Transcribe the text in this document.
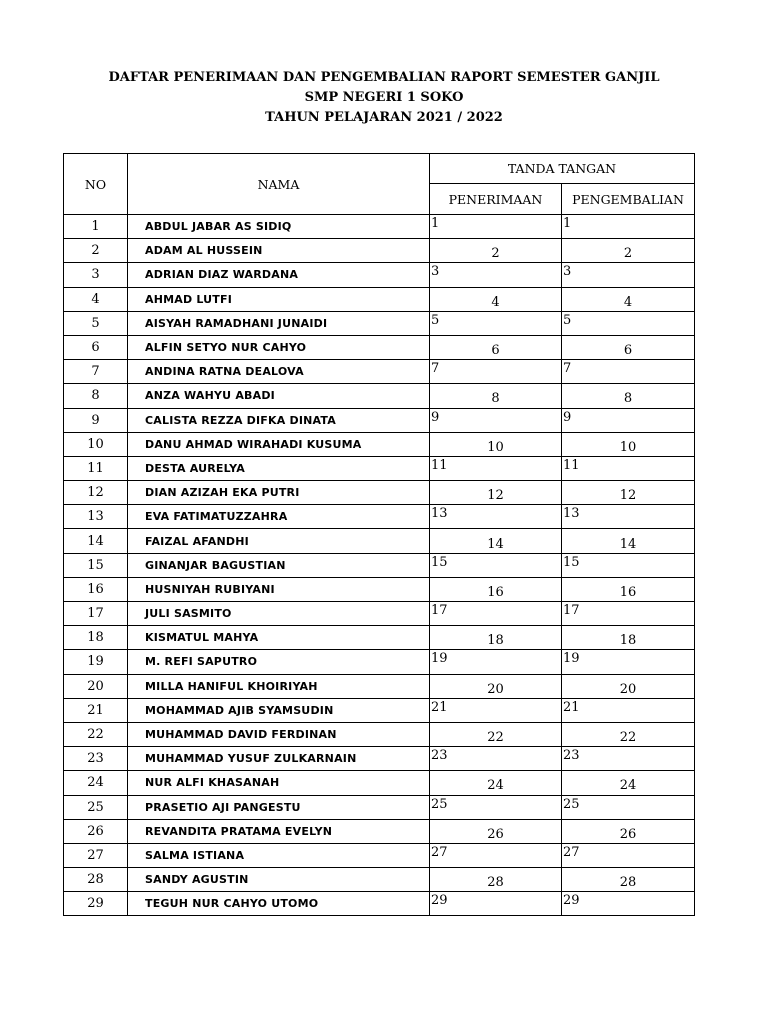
DAFTAR PENERIMAAN DAN PENGEMBALIAN RAPORT SEMESTER GANJIL
SMP NEGERI 1 SOKO
TAHUN PELAJARAN 2021 / 2022
NO	NAMA	TANDA TANGAN	
		PENERIMAAN	PENGEMBALIAN
1	ABDUL JABAR AS SIDIQ	1	1
2	ADAM AL HUSSEIN	2	2
3	ADRIAN DIAZ WARDANA	3	3
4	AHMAD LUTFI	4	4
5	AISYAH RAMADHANI JUNAIDI	5	5
6	ALFIN SETYO NUR CAHYO	6	6
7	ANDINA RATNA DEALOVA	7	7
8	ANZA WAHYU ABADI	8	8
9	CALISTA REZZA DIFKA DINATA	9	9
10	DANU AHMAD WIRAHADI KUSUMA	10	10
11	DESTA AURELYA	11	11
12	DIAN AZIZAH EKA PUTRI	12	12
13	EVA FATIMATUZZAHRA	13	13
14	FAIZAL AFANDHI	14	14
15	GINANJAR BAGUSTIAN	15	15
16	HUSNIYAH RUBIYANI	16	16
17	JULI SASMITO	17	17
18	KISMATUL MAHYA	18	18
19	M. REFI SAPUTRO	19	19
20	MILLA HANIFUL KHOIRIYAH	20	20
21	MOHAMMAD AJIB SYAMSUDIN	21	21
22	MUHAMMAD DAVID FERDINAN	22	22
23	MUHAMMAD YUSUF ZULKARNAIN	23	23
24	NUR ALFI KHASANAH	24	24
25	PRASETIO AJI PANGESTU	25	25
26	REVANDITA PRATAMA EVELYN	26	26
27	SALMA ISTIANA	27	27
28	SANDY AGUSTIN	28	28
29	TEGUH NUR CAHYO UTOMO	29	29
